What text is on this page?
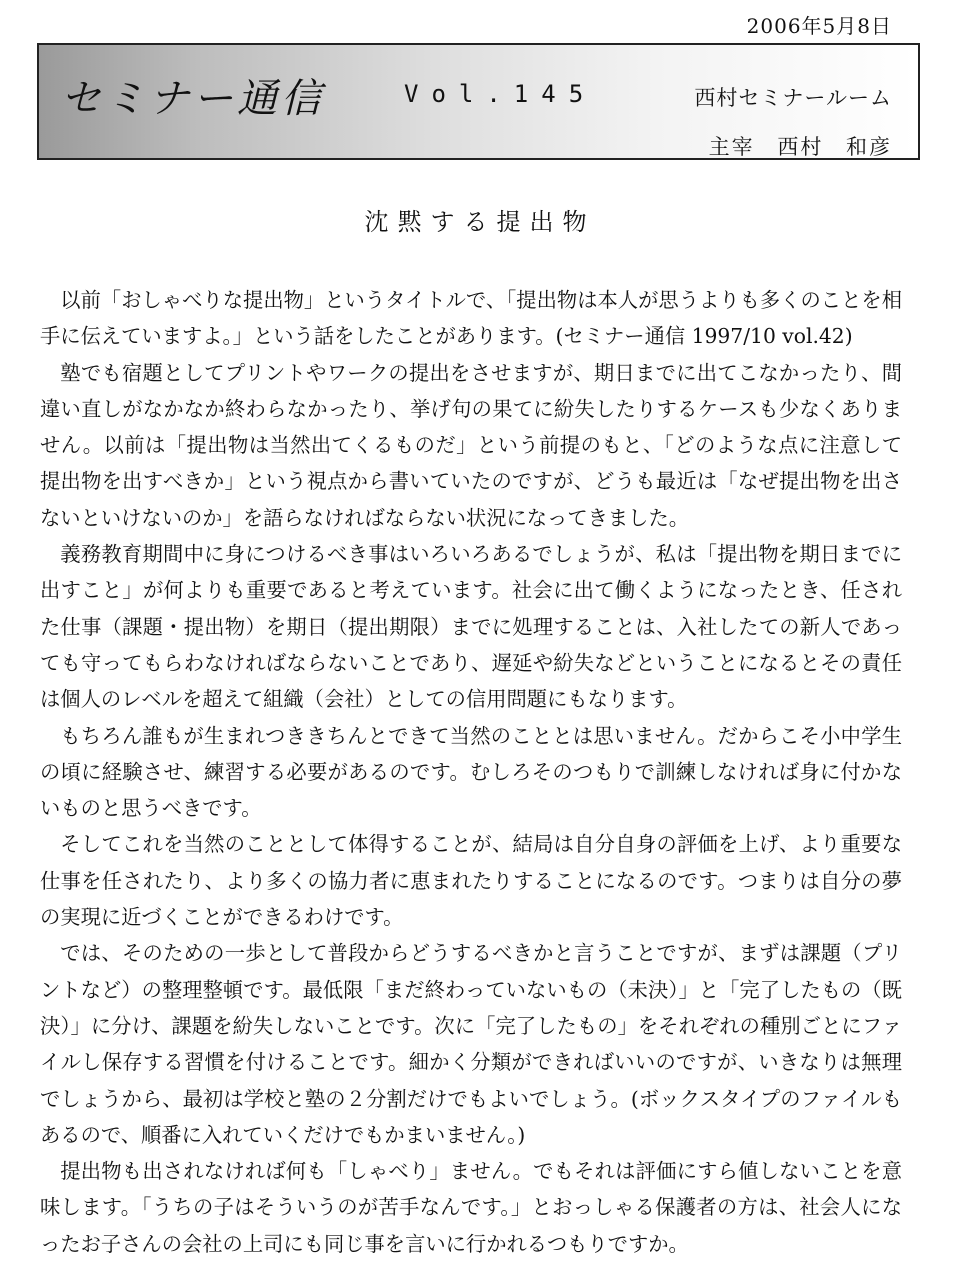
2006年5月8日
セミナー通信	Vol.145	西村セミナールーム
主宰 西村 和彦
沈黙する提出物

以前「おしゃべりな提出物」というタイトルで、「提出物は本人が思うよりも多くのことを相手に伝えていますよ。」という話をしたことがあります。(セミナー通信 1997/10 vol.42)

塾でも宿題としてプリントやワークの提出をさせますが、期日までに出てこなかったり、間違い直しがなかなか終わらなかったり、挙げ句の果てに紛失したりするケースも少なくありません。以前は「提出物は当然出てくるものだ」という前提のもと、「どのような点に注意して提出物を出すべきか」という視点から書いていたのですが、どうも最近は「なぜ提出物を出さないといけないのか」を語らなければならない状況になってきました。

義務教育期間中に身につけるべき事はいろいろあるでしょうが、私は「提出物を期日までに出すこと」が何よりも重要であると考えています。社会に出て働くようになったとき、任された仕事（課題・提出物）を期日（提出期限）までに処理することは、入社したての新人であっても守ってもらわなければならないことであり、遅延や紛失などということになるとその責任は個人のレベルを超えて組織（会社）としての信用問題にもなります。

もちろん誰もが生まれつききちんとできて当然のこととは思いません。だからこそ小中学生の頃に経験させ、練習する必要があるのです。むしろそのつもりで訓練しなければ身に付かないものと思うべきです。

そしてこれを当然のこととして体得することが、結局は自分自身の評価を上げ、より重要な仕事を任されたり、より多くの協力者に恵まれたりすることになるのです。つまりは自分の夢の実現に近づくことができるわけです。

では、そのための一歩として普段からどうするべきかと言うことですが、まずは課題（プリントなど）の整理整頓です。最低限「まだ終わっていないもの（未決）」と「完了したもの（既決）」に分け、課題を紛失しないことです。次に「完了したもの」をそれぞれの種別ごとにファイルし保存する習慣を付けることです。細かく分類ができればいいのですが、いきなりは無理でしょうから、最初は学校と塾の２分割だけでもよいでしょう。(ボックスタイプのファイルもあるので、順番に入れていくだけでもかまいません。)

提出物も出されなければ何も「しゃべり」ません。でもそれは評価にすら値しないことを意味します。「うちの子はそういうのが苦手なんです。」とおっしゃる保護者の方は、社会人になったお子さんの会社の上司にも同じ事を言いに行かれるつもりですか。
